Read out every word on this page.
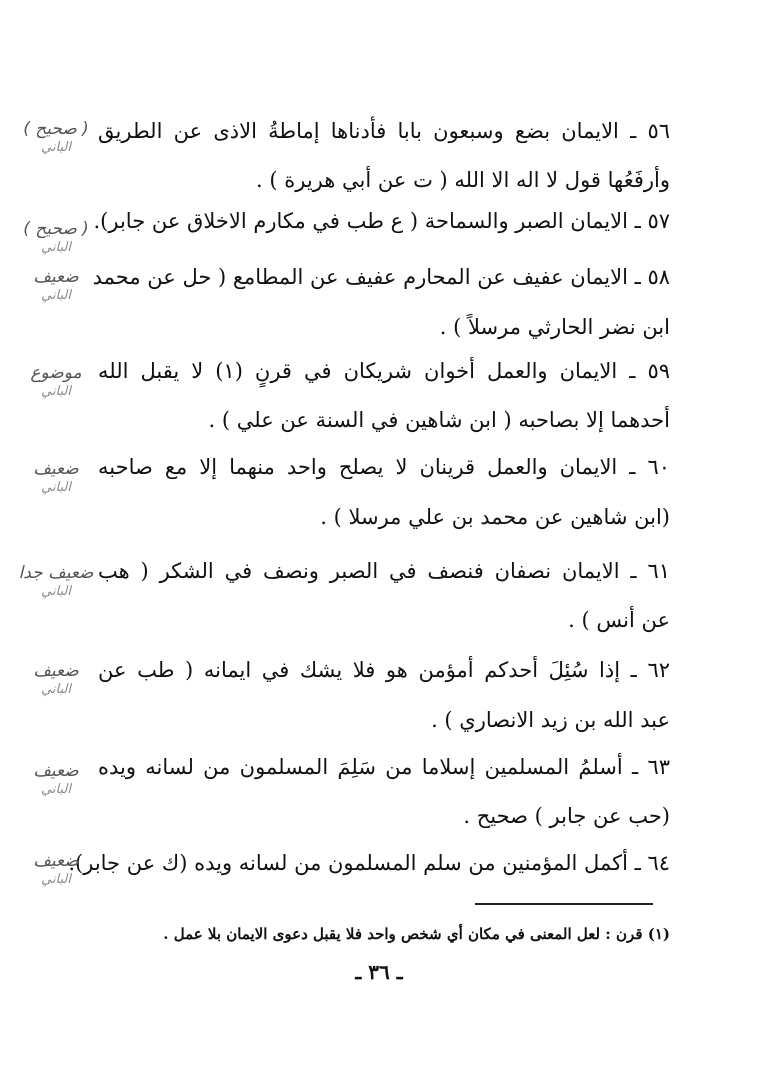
٥٦ ـ الايمان بضع وسبعون بابا فأدناها إماطةُ الاذى عن الطريق
وأرفَعُها قول لا اله الا الله ( ت عن أبي هريرة ) .
( صحيح )
الباني
٥٧ ـ الايمان الصبر والسماحة ( ع طب في مكارم الاخلاق عن جابر).
( صحيح )
الباني
٥٨ ـ الايمان عفيف عن المحارم عفيف عن المطامع ( حل عن محمد
ابن نضر الحارثي مرسلاً ) .
ضعيف
الباني
٥٩ ـ الايمان والعمل أخوان شريكان في قرنٍ (١) لا يقبل الله
أحدهما إلا بصاحبه ( ابن شاهين في السنة عن علي ) .
موضوع
الباني
٦٠ ـ الايمان والعمل قرينان لا يصلح واحد منهما إلا مع صاحبه
(ابن شاهين عن محمد بن علي مرسلا ) .
ضعيف
الباني
٦١ ـ الايمان نصفان فنصف في الصبر ونصف في الشكر ( هب
عن أنس ) .
ضعيف جدا
الباني
٦٢ ـ إذا سُئِلَ أحدكم أمؤمن هو فلا يشك في ايمانه ( طب عن
عبد الله بن زيد الانصاري ) .
ضعيف
الباني
٦٣ ـ أسلمُ المسلمين إسلاما من سَلِمَ المسلمون من لسانه ويده
(حب عن جابر ) صحيح .
ضعيف
الباني
٦٤ ـ أكمل المؤمنين من سلم المسلمون من لسانه ويده (ك عن جابر).
ضعيف
الباني
(١) قرن : لعل المعنى في مكان أي شخص واحد فلا يقبل دعوى الايمان بلا عمل .
ـ ٣٦ ـ
